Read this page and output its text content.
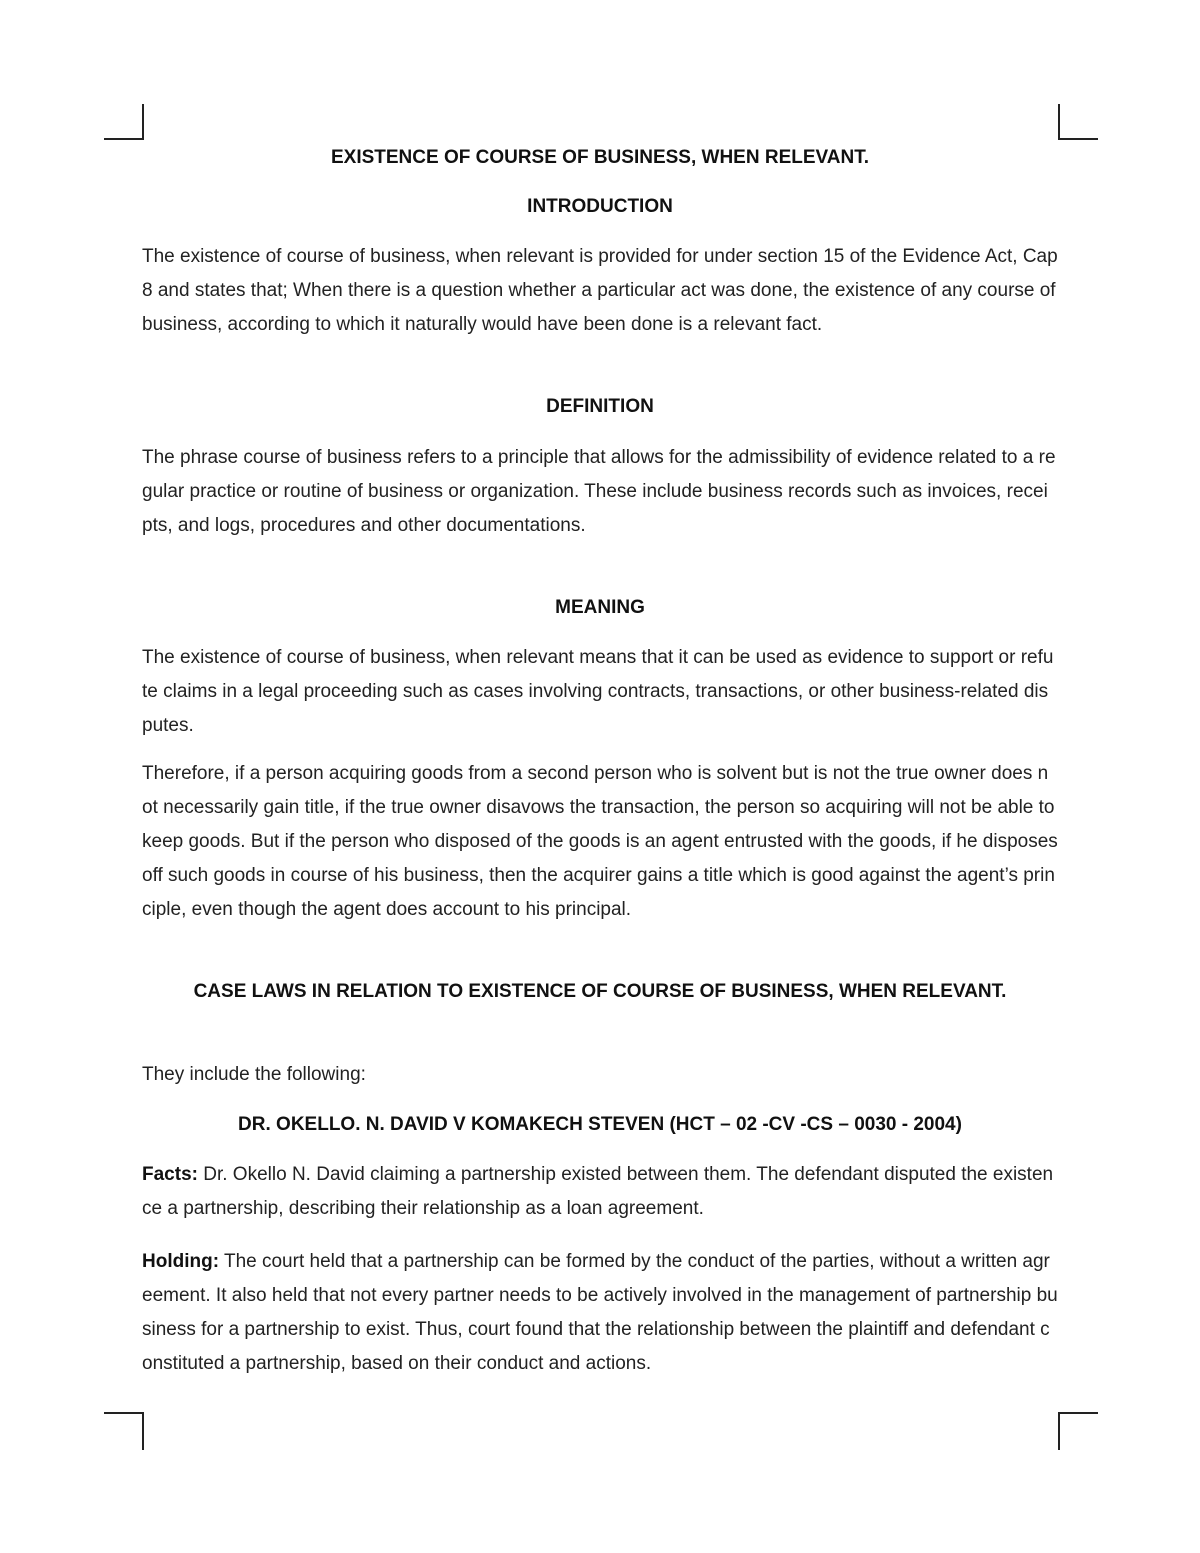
EXISTENCE OF COURSE OF BUSINESS, WHEN RELEVANT.
INTRODUCTION

The existence of course of business, when relevant is provided for under section 15 of the Evidence Act, Cap 8 and states that; When there is a question whether a particular act was done, the existence of any course of business, according to which it naturally would have been done is a relevant fact.

DEFINITION

The phrase course of business refers to a principle that allows for the admissibility of evidence related to a regular practice or routine of business or organization. These include business records such as invoices, receipts, and logs, procedures and other documentations.

MEANING

The existence of course of business, when relevant means that it can be used as evidence to support or refute claims in a legal proceeding such as cases involving contracts, transactions, or other business-related disputes.

Therefore, if a person acquiring goods from a second person who is solvent but is not the true owner does not necessarily gain title, if the true owner disavows the transaction, the person so acquiring will not be able to keep goods. But if the person who disposed of the goods is an agent entrusted with the goods, if he disposes off such goods in course of his business, then the acquirer gains a title which is good against the agent’s principle, even though the agent does account to his principal.

CASE LAWS IN RELATION TO EXISTENCE OF COURSE OF BUSINESS, WHEN RELEVANT.

They include the following:

DR. OKELLO. N. DAVID V KOMAKECH STEVEN (HCT – 02 -CV -CS – 0030 - 2004)

Facts: Dr. Okello N. David claiming a partnership existed between them. The defendant disputed the existence a partnership, describing their relationship as a loan agreement.

Holding: The court held that a partnership can be formed by the conduct of the parties, without a written agreement. It also held that not every partner needs to be actively involved in the management of partnership business for a partnership to exist. Thus, court found that the relationship between the plaintiff and defendant constituted a partnership, based on their conduct and actions.
